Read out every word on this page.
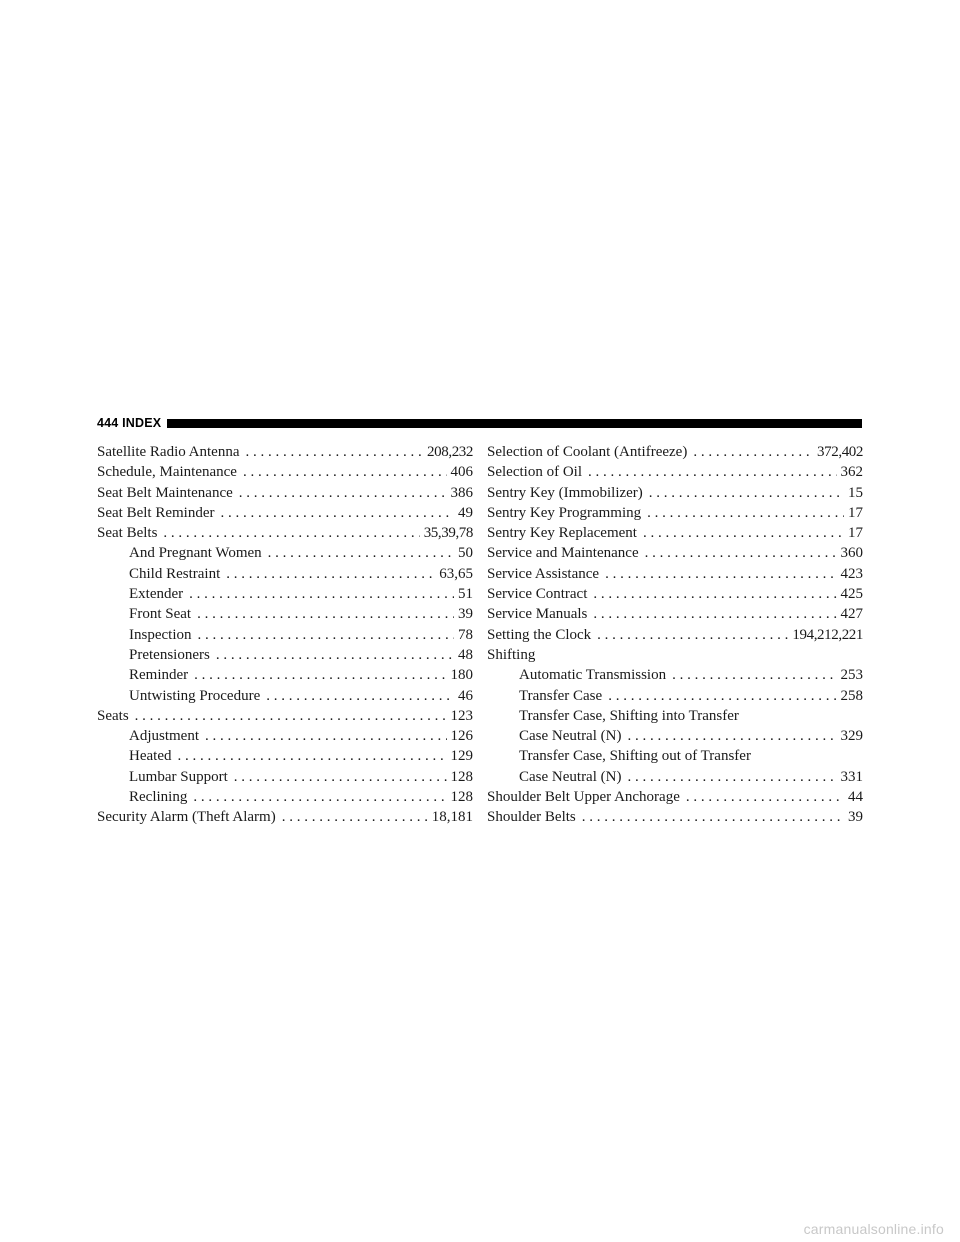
444 INDEX
Satellite Radio Antenna . . .	208,232
Schedule, Maintenance . . .	406
Seat Belt Maintenance . . .	386
Seat Belt Reminder . . .	49
Seat Belts . . .	35,39,78
And Pregnant Women . . .	50
Child Restraint . . .	63,65
Extender . . .	51
Front Seat . . .	39
Inspection . . .	78
Pretensioners . . .	48
Reminder . . .	180
Untwisting Procedure . . .	46
Seats . . .	123
Adjustment . . .	126
Heated . . .	129
Lumbar Support . . .	128
Reclining . . .	128
Security Alarm (Theft Alarm) . . .	18,181
Selection of Coolant (Antifreeze) . . .	372,402
Selection of Oil . . .	362
Sentry Key (Immobilizer) . . .	15
Sentry Key Programming . . .	17
Sentry Key Replacement . . .	17
Service and Maintenance . . .	360
Service Assistance . . .	423
Service Contract . . .	425
Service Manuals . . .	427
Setting the Clock . . .	194,212,221
Shifting
Automatic Transmission . . .	253
Transfer Case . . .	258
Transfer Case, Shifting into Transfer
Case Neutral (N) . . .	329
Transfer Case, Shifting out of Transfer
Case Neutral (N) . . .	331
Shoulder Belt Upper Anchorage . . .	44
Shoulder Belts . . .	39
carmanualsonline.info
